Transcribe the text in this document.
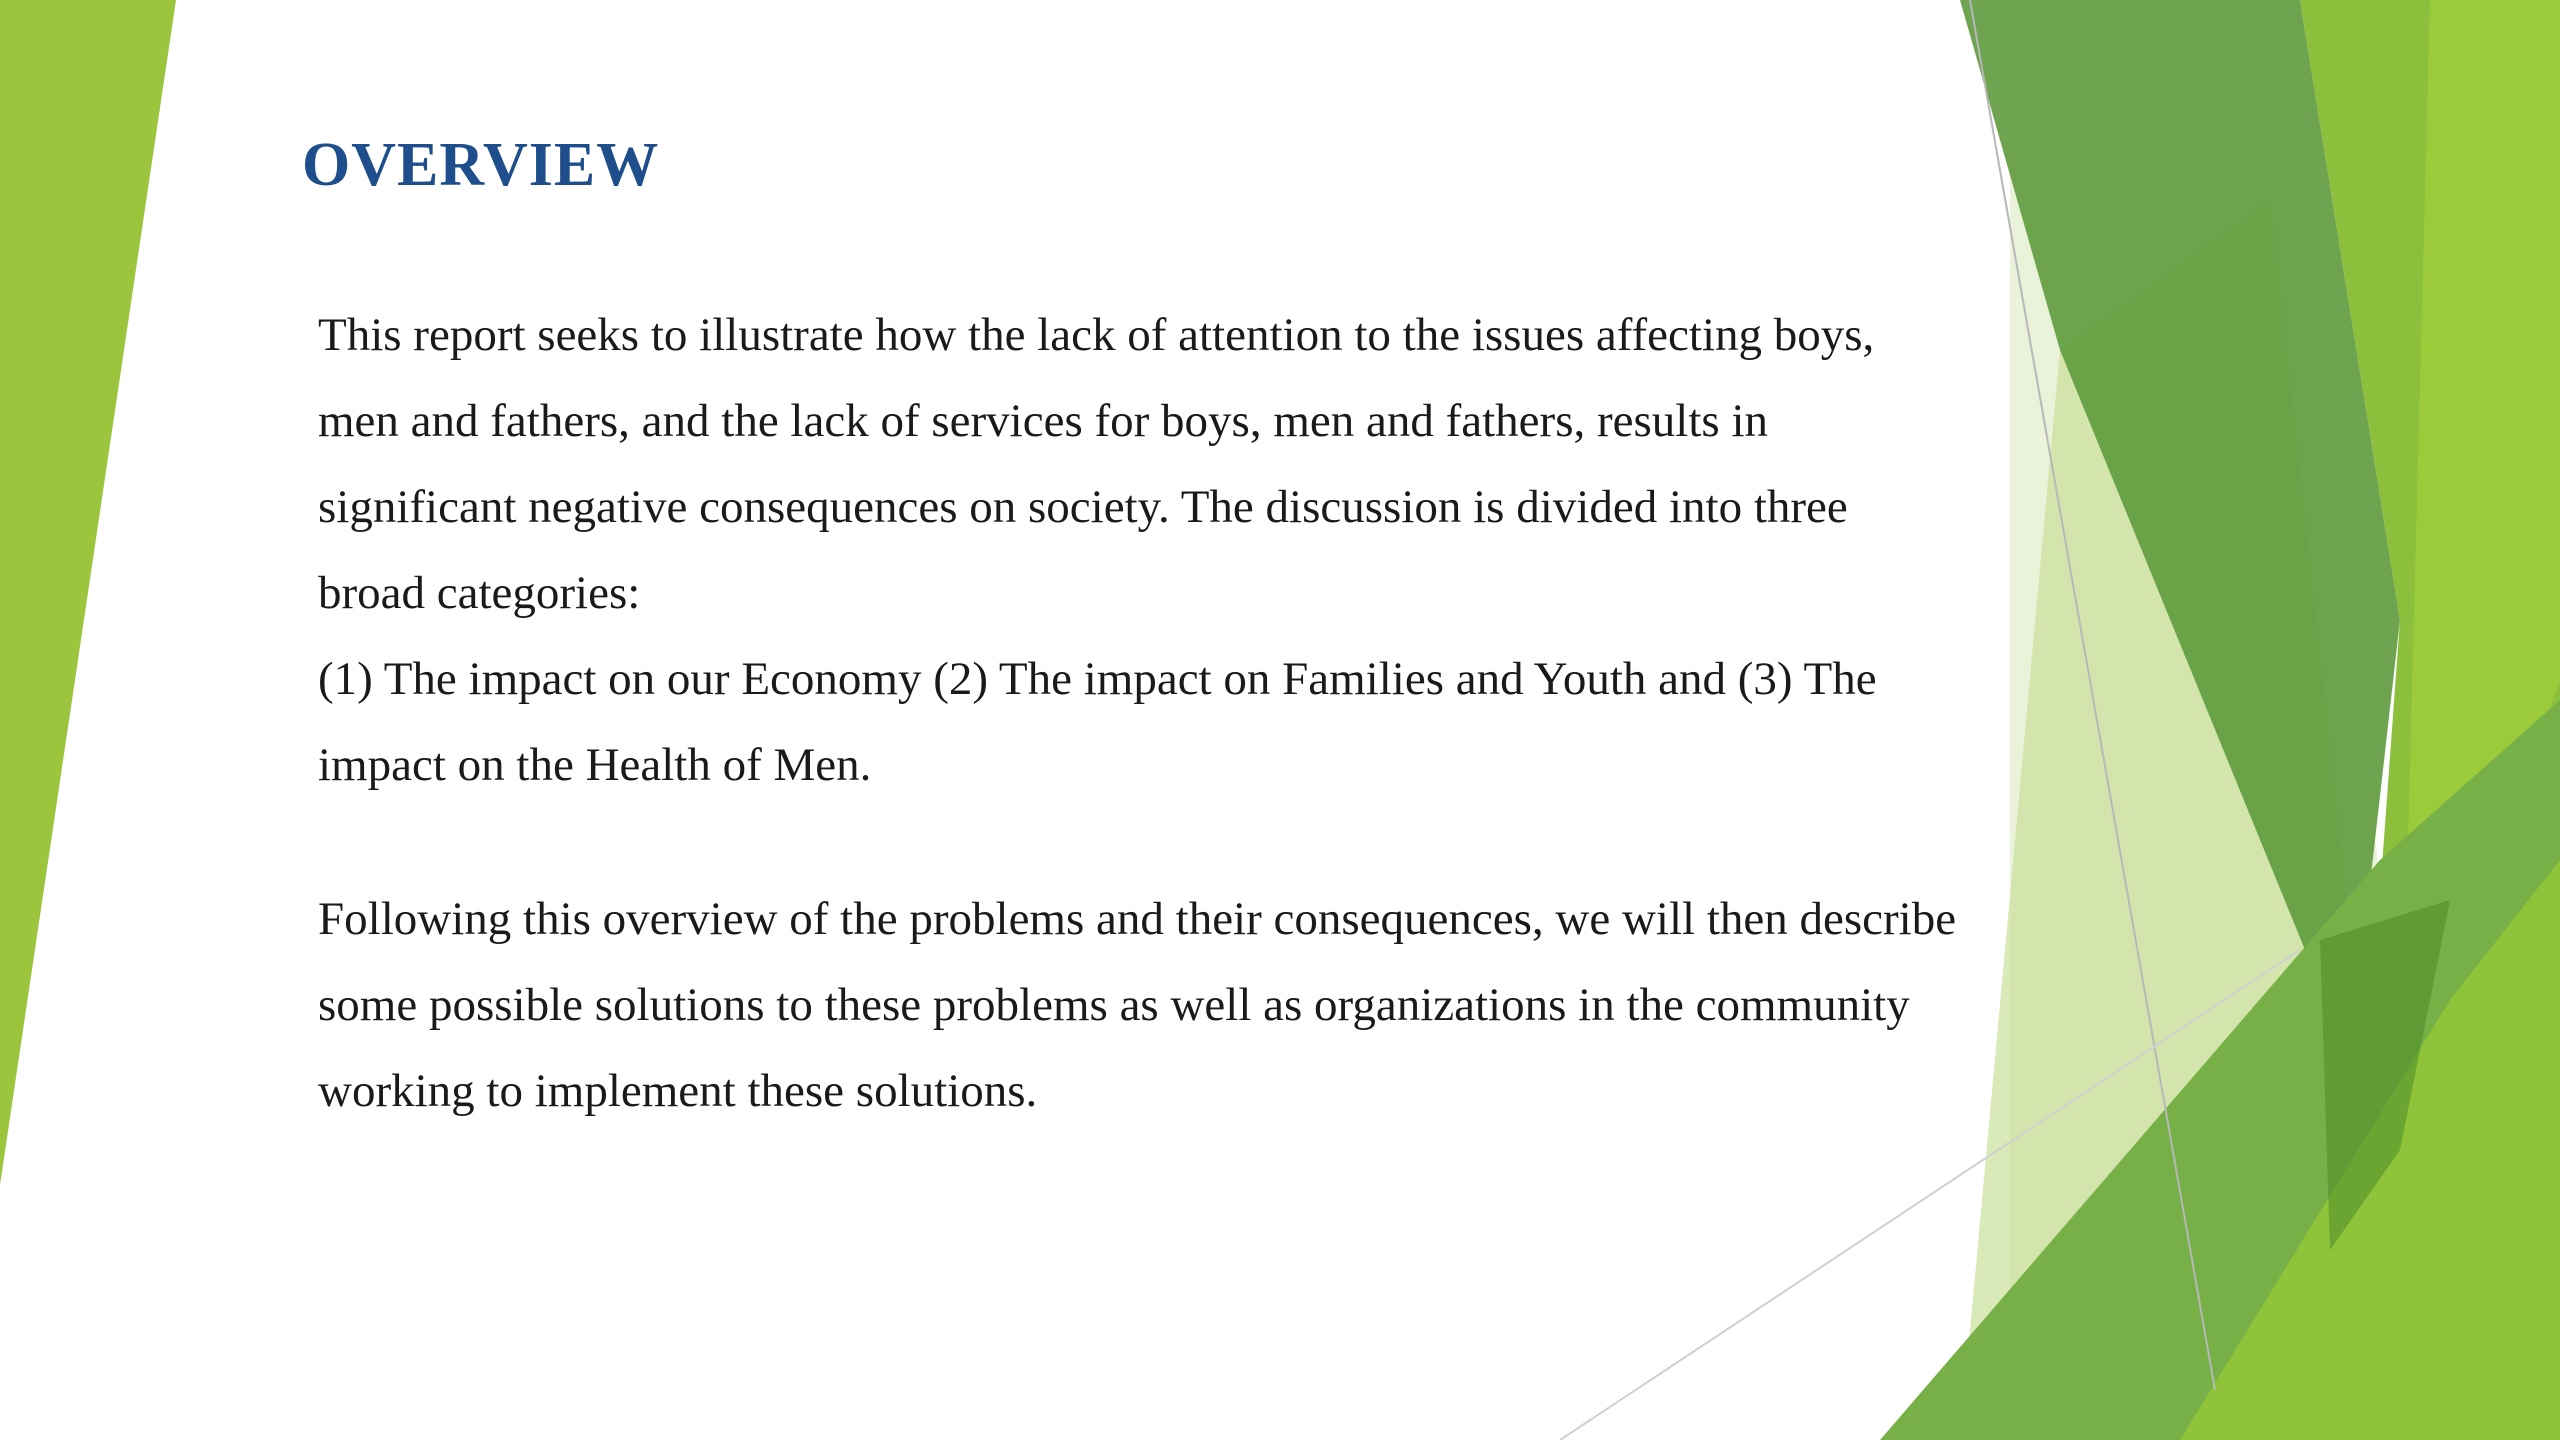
OVERVIEW

This report seeks to illustrate how the lack of attention to the issues affecting boys,
men and fathers, and the lack of services for boys, men and fathers, results in
significant negative consequences on society. The discussion is divided into three
broad categories:
(1) The impact on our Economy (2) The impact on Families and Youth and (3) The
impact on the Health of Men.

Following this overview of the problems and their consequences, we will then describe
some possible solutions to these problems as well as organizations in the community
working to implement these solutions.
